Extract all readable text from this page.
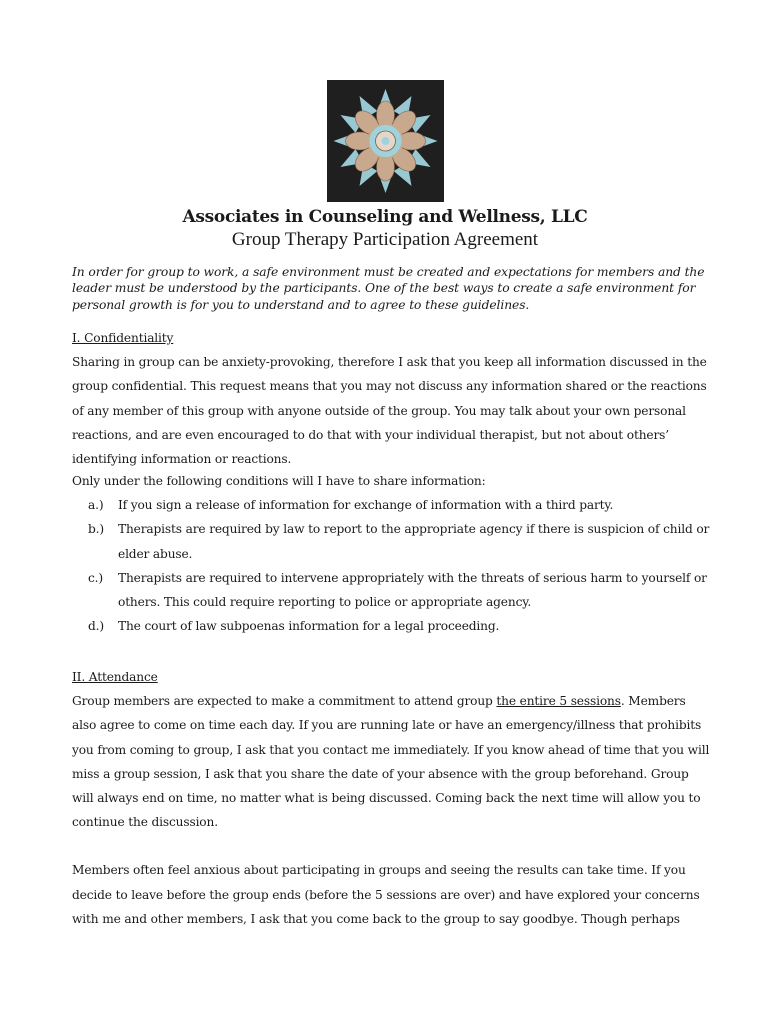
Associates in Counseling and Wellness, LLC
Group Therapy Participation Agreement

In order for group to work, a safe environment must be created and expectations for members and the leader must be understood by the participants. One of the best ways to create a safe environment for personal growth is for you to understand and to agree to these guidelines.

I. Confidentiality

Sharing in group can be anxiety-provoking, therefore I ask that you keep all information discussed in the group confidential. This request means that you may not discuss any information shared or the reactions of any member of this group with anyone outside of the group. You may talk about your own personal reactions, and are even encouraged to do that with your individual therapist, but not about others’ identifying information or reactions.

Only under the following conditions will I have to share information:

a.)	If you sign a release of information for exchange of information with a third party.
b.)	Therapists are required by law to report to the appropriate agency if there is suspicion of child or elder abuse.
c.)	Therapists are required to intervene appropriately with the threats of serious harm to yourself or others. This could require reporting to police or appropriate agency.
d.)	The court of law subpoenas information for a legal proceeding.

II. Attendance

Group members are expected to make a commitment to attend group the entire 5 sessions. Members also agree to come on time each day. If you are running late or have an emergency/illness that prohibits you from coming to group, I ask that you contact me immediately. If you know ahead of time that you will miss a group session, I ask that you share the date of your absence with the group beforehand. Group will always end on time, no matter what is being discussed. Coming back the next time will allow you to continue the discussion.

Members often feel anxious about participating in groups and seeing the results can take time. If you decide to leave before the group ends (before the 5 sessions are over) and have explored your concerns with me and other members, I ask that you come back to the group to say goodbye. Though perhaps
